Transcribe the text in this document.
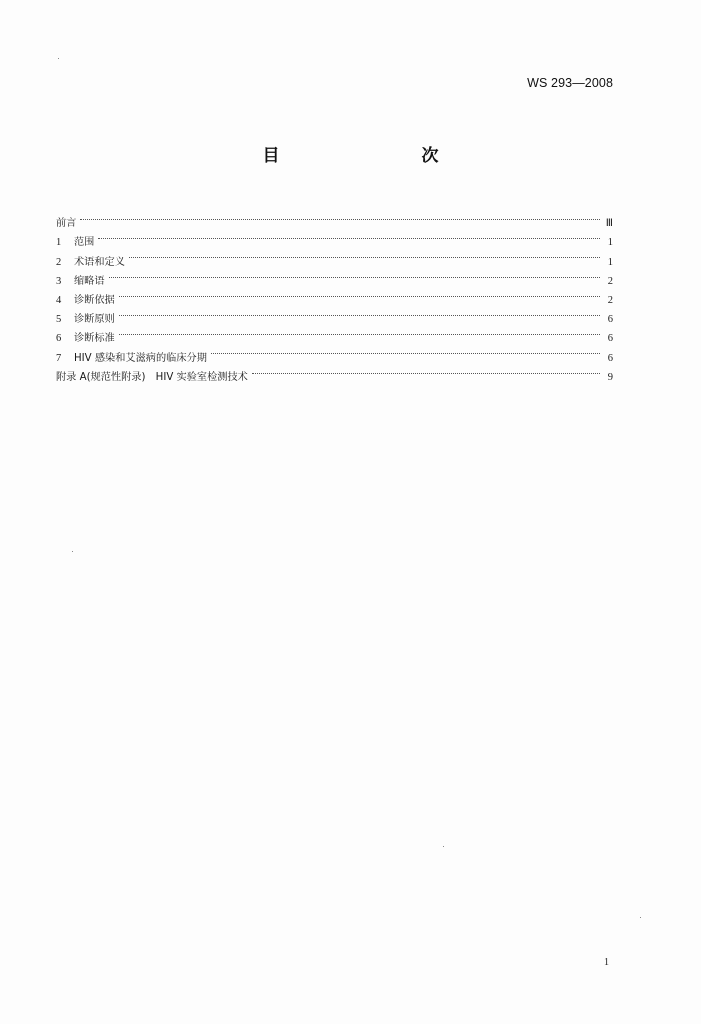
WS 293—2008
目　　次
前言	Ⅲ
1	范围	1
2	术语和定义	1
3	缩略语	2
4	诊断依据	2
5	诊断原则	6
6	诊断标准	6
7	HIV 感染和艾滋病的临床分期	6
附录 A(规范性附录)　HIV 实验室检测技术	9
1
